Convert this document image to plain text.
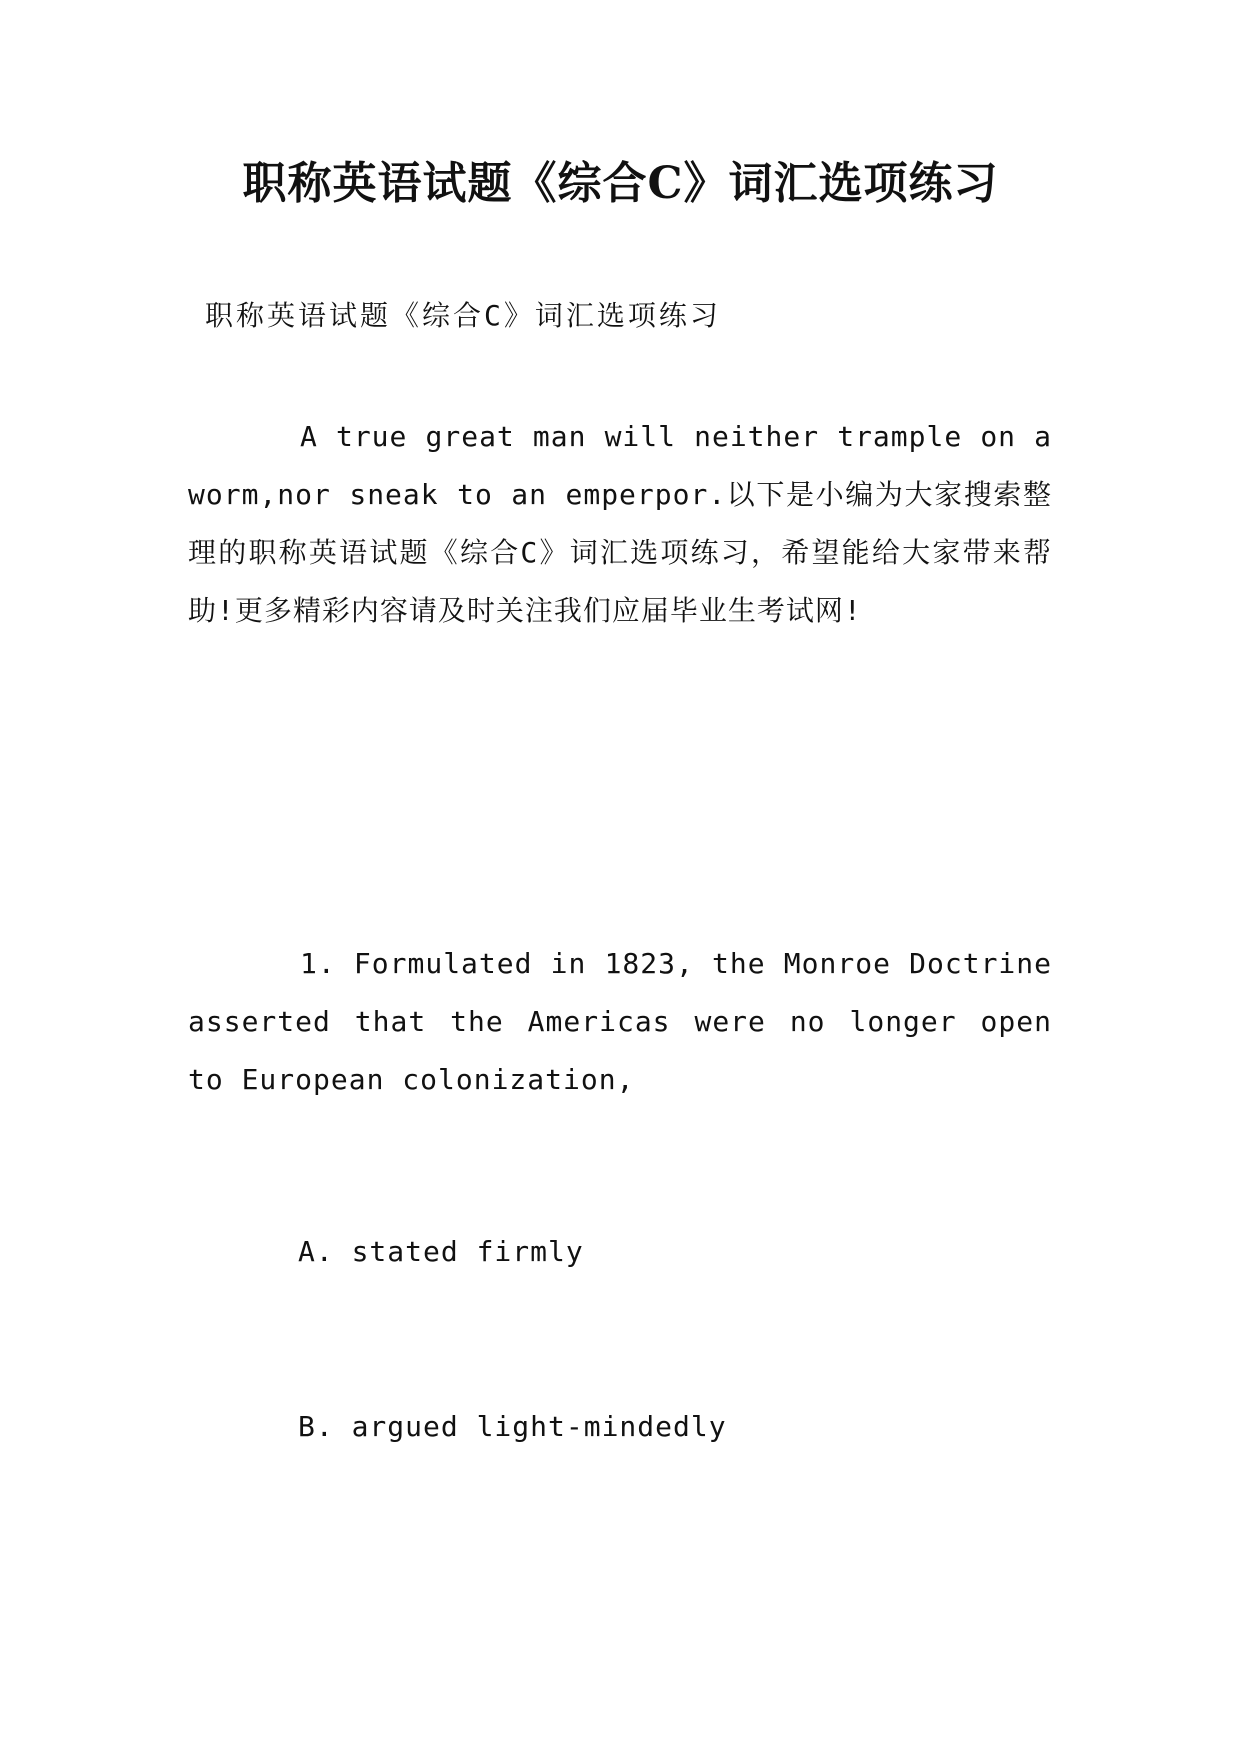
职称英语试题《综合C》词汇选项练习

职称英语试题《综合C》词汇选项练习

A true great man will neither trample on a worm,nor sneak to an emperpor.以下是小编为大家搜索整理的职称英语试题《综合C》词汇选项练习，希望能给大家带来帮助!更多精彩内容请及时关注我们应届毕业生考试网!

1. Formulated in 1823, the Monroe Doctrine asserted that the Americas were no longer open to European colonization,

A. stated firmly

B. argued light-mindedly
